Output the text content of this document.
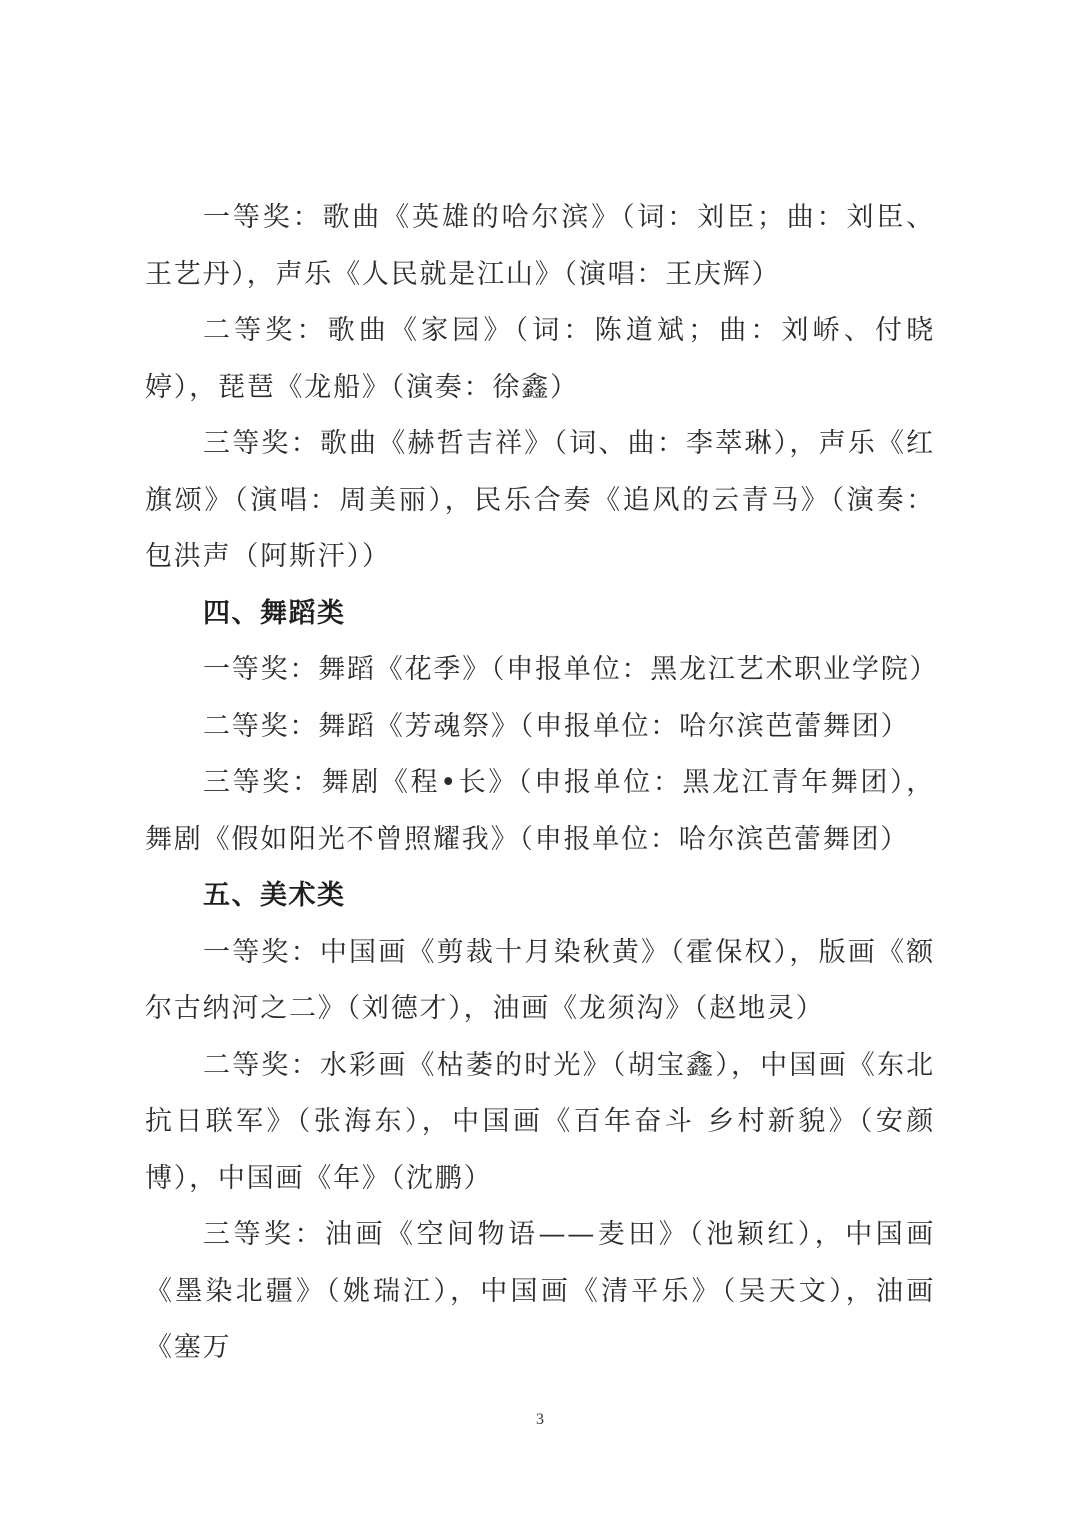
一等奖：歌曲《英雄的哈尔滨》（词：刘臣；曲：刘臣、王艺丹），声乐《人民就是江山》（演唱：王庆辉）

二等奖：歌曲《家园》（词：陈道斌；曲：刘峤、付晓婷），琵琶《龙船》（演奏：徐鑫）

三等奖：歌曲《赫哲吉祥》（词、曲：李萃琳），声乐《红旗颂》（演唱：周美丽），民乐合奏《追风的云青马》（演奏：包洪声（阿斯汗））

四、舞蹈类

一等奖：舞蹈《花季》（申报单位：黑龙江艺术职业学院）

二等奖：舞蹈《芳魂祭》（申报单位：哈尔滨芭蕾舞团）

三等奖：舞剧《程•长》（申报单位：黑龙江青年舞团），舞剧《假如阳光不曾照耀我》（申报单位：哈尔滨芭蕾舞团）

五、美术类

一等奖：中国画《剪裁十月染秋黄》（霍保权），版画《额尔古纳河之二》（刘德才），油画《龙须沟》（赵地灵）

二等奖：水彩画《枯萎的时光》（胡宝鑫），中国画《东北抗日联军》（张海东），中国画《百年奋斗 乡村新貌》（安颜博），中国画《年》（沈鹏）

三等奖：油画《空间物语——麦田》（池颖红），中国画《墨染北疆》（姚瑞江），中国画《清平乐》（吴天文），油画《塞万

3
